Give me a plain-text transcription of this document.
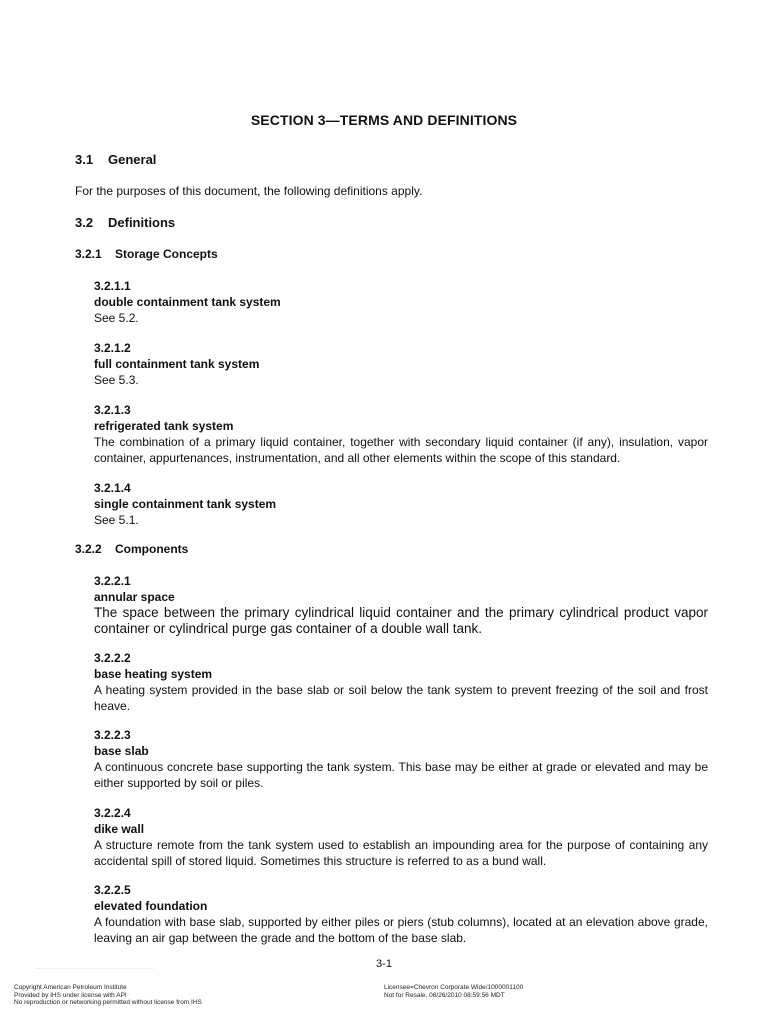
SECTION 3—TERMS AND DEFINITIONS
3.1 General
For the purposes of this document, the following definitions apply.
3.2 Definitions
3.2.1 Storage Concepts
3.2.1.1
double containment tank system
See 5.2.
3.2.1.2
full containment tank system
See 5.3.
3.2.1.3
refrigerated tank system
The combination of a primary liquid container, together with secondary liquid container (if any), insulation, vapor container, appurtenances, instrumentation, and all other elements within the scope of this standard.
3.2.1.4
single containment tank system
See 5.1.
3.2.2 Components
3.2.2.1
annular space
The space between the primary cylindrical liquid container and the primary cylindrical product vapor container or cylindrical purge gas container of a double wall tank.
3.2.2.2
base heating system
A heating system provided in the base slab or soil below the tank system to prevent freezing of the soil and frost heave.
3.2.2.3
base slab
A continuous concrete base supporting the tank system. This base may be either at grade or elevated and may be either supported by soil or piles.
3.2.2.4
dike wall
A structure remote from the tank system used to establish an impounding area for the purpose of containing any accidental spill of stored liquid. Sometimes this structure is referred to as a bund wall.
3.2.2.5
elevated foundation
A foundation with base slab, supported by either piles or piers (stub columns), located at an elevation above grade, leaving an air gap between the grade and the bottom of the base slab.
3-1
Copyright American Petroleum Institute
Provided by IHS under license with API
No reproduction or networking permitted without license from IHS
Licensee=Chevron Corporate Wide/1000001100
Not for Resale, 08/26/2010 08:59:56 MDT
